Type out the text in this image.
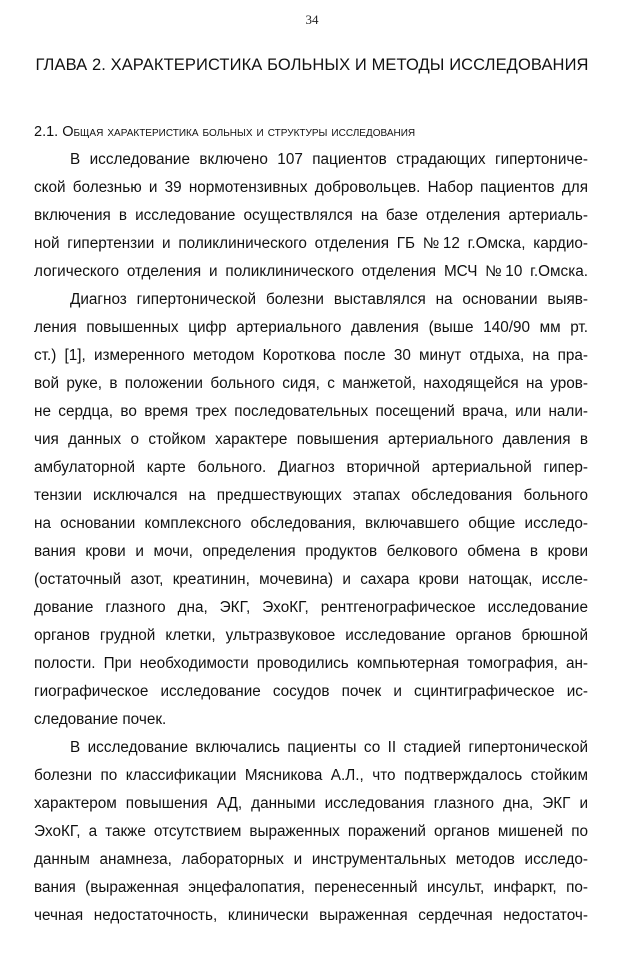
34
ГЛАВА 2. ХАРАКТЕРИСТИКА БОЛЬНЫХ И МЕТОДЫ ИССЛЕДОВАНИЯ
2.1. Общая характеристика больных и структуры исследования
В исследование включено 107 пациентов страдающих гипертониче-
ской болезнью и 39 нормотензивных добровольцев. Набор пациентов для
включения в исследование осуществлялся на базе отделения артериаль-
ной гипертензии и поликлинического отделения ГБ №12 г.Омска, кардио-
логического отделения и поликлинического отделения МСЧ №10 г.Омска.
Диагноз гипертонической болезни выставлялся на основании выяв-
ления повышенных цифр артериального давления (выше 140/90 мм рт.
ст.) [1], измеренного методом Короткова после 30 минут отдыха, на пра-
вой руке, в положении больного сидя, с манжетой, находящейся на уров-
не сердца, во время трех последовательных посещений врача, или нали-
чия данных о стойком характере повышения артериального давления в
амбулаторной карте больного. Диагноз вторичной артериальной гипер-
тензии исключался на предшествующих этапах обследования больного
на основании комплексного обследования, включавшего общие исследо-
вания крови и мочи, определения продуктов белкового обмена в крови
(остаточный азот, креатинин, мочевина) и сахара крови натощак, иссле-
дование глазного дна, ЭКГ, ЭхоКГ, рентгенографическое исследование
органов грудной клетки, ультразвуковое исследование органов брюшной
полости. При необходимости проводились компьютерная томография, ан-
гиографическое исследование сосудов почек и сцинтиграфическое ис-
следование почек.
В исследование включались пациенты со II стадией гипертонической
болезни по классификации Мясникова А.Л., что подтверждалось стойким
характером повышения АД, данными исследования глазного дна, ЭКГ и
ЭхоКГ, а также отсутствием выраженных поражений органов мишеней по
данным анамнеза, лабораторных и инструментальных методов исследо-
вания (выраженная энцефалопатия, перенесенный инсульт, инфаркт, по-
чечная недостаточность, клинически выраженная сердечная недостаточ-
